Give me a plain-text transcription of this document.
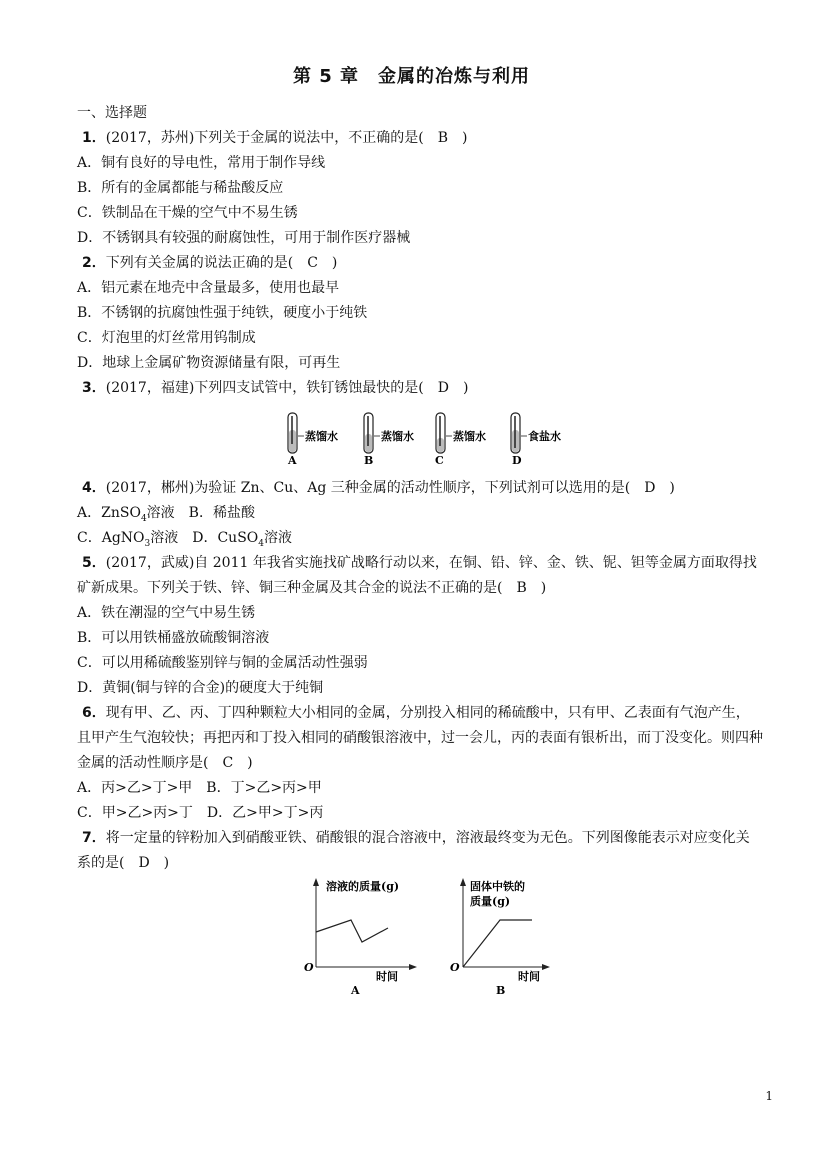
第 5 章　金属的冶炼与利用
一、选择题
1．(2017，苏州)下列关于金属的说法中，不正确的是(　B　)
A．铜有良好的导电性，常用于制作导线
B．所有的金属都能与稀盐酸反应
C．铁制品在干燥的空气中不易生锈
D．不锈钢具有较强的耐腐蚀性，可用于制作医疗器械
2．下列有关金属的说法正确的是(　C　)
A．铝元素在地壳中含量最多，使用也最早
B．不锈钢的抗腐蚀性强于纯铁，硬度小于纯铁
C．灯泡里的灯丝常用钨制成
D．地球上金属矿物资源储量有限，可再生
3．(2017，福建)下列四支试管中，铁钉锈蚀最快的是(　D　)
蒸馏水
A
蒸馏水
B
蒸馏水
C
食盐水
D
4．(2017，郴州)为验证 Zn、Cu、Ag 三种金属的活动性顺序，下列试剂可以选用的是(　D　)
A．ZnSO$_4$溶液　B．稀盐酸
C．AgNO$_3$溶液　D．CuSO$_4$溶液
5．(2017，武威)自 2011 年我省实施找矿战略行动以来，在铜、铅、锌、金、铁、铌、钽等金属方面取得找
矿新成果。下列关于铁、锌、铜三种金属及其合金的说法不正确的是(　B　)
A．铁在潮湿的空气中易生锈
B．可以用铁桶盛放硫酸铜溶液
C．可以用稀硫酸鉴别锌与铜的金属活动性强弱
D．黄铜(铜与锌的合金)的硬度大于纯铜
6．现有甲、乙、丙、丁四种颗粒大小相同的金属，分别投入相同的稀硫酸中，只有甲、乙表面有气泡产生，
且甲产生气泡较快；再把丙和丁投入相同的硝酸银溶液中，过一会儿，丙的表面有银析出，而丁没变化。则四种
金属的活动性顺序是(　C　)
A．丙>乙>丁>甲　B．丁>乙>丙>甲
C．甲>乙>丙>丁　D．乙>甲>丁>丙
7．将一定量的锌粉加入到硝酸亚铁、硝酸银的混合溶液中，溶液最终变为无色。下列图像能表示对应变化关
系的是(　D　)
溶液的质量(g)
时间
O
A
固体中铁的
质量(g)
时间
O
B
1
